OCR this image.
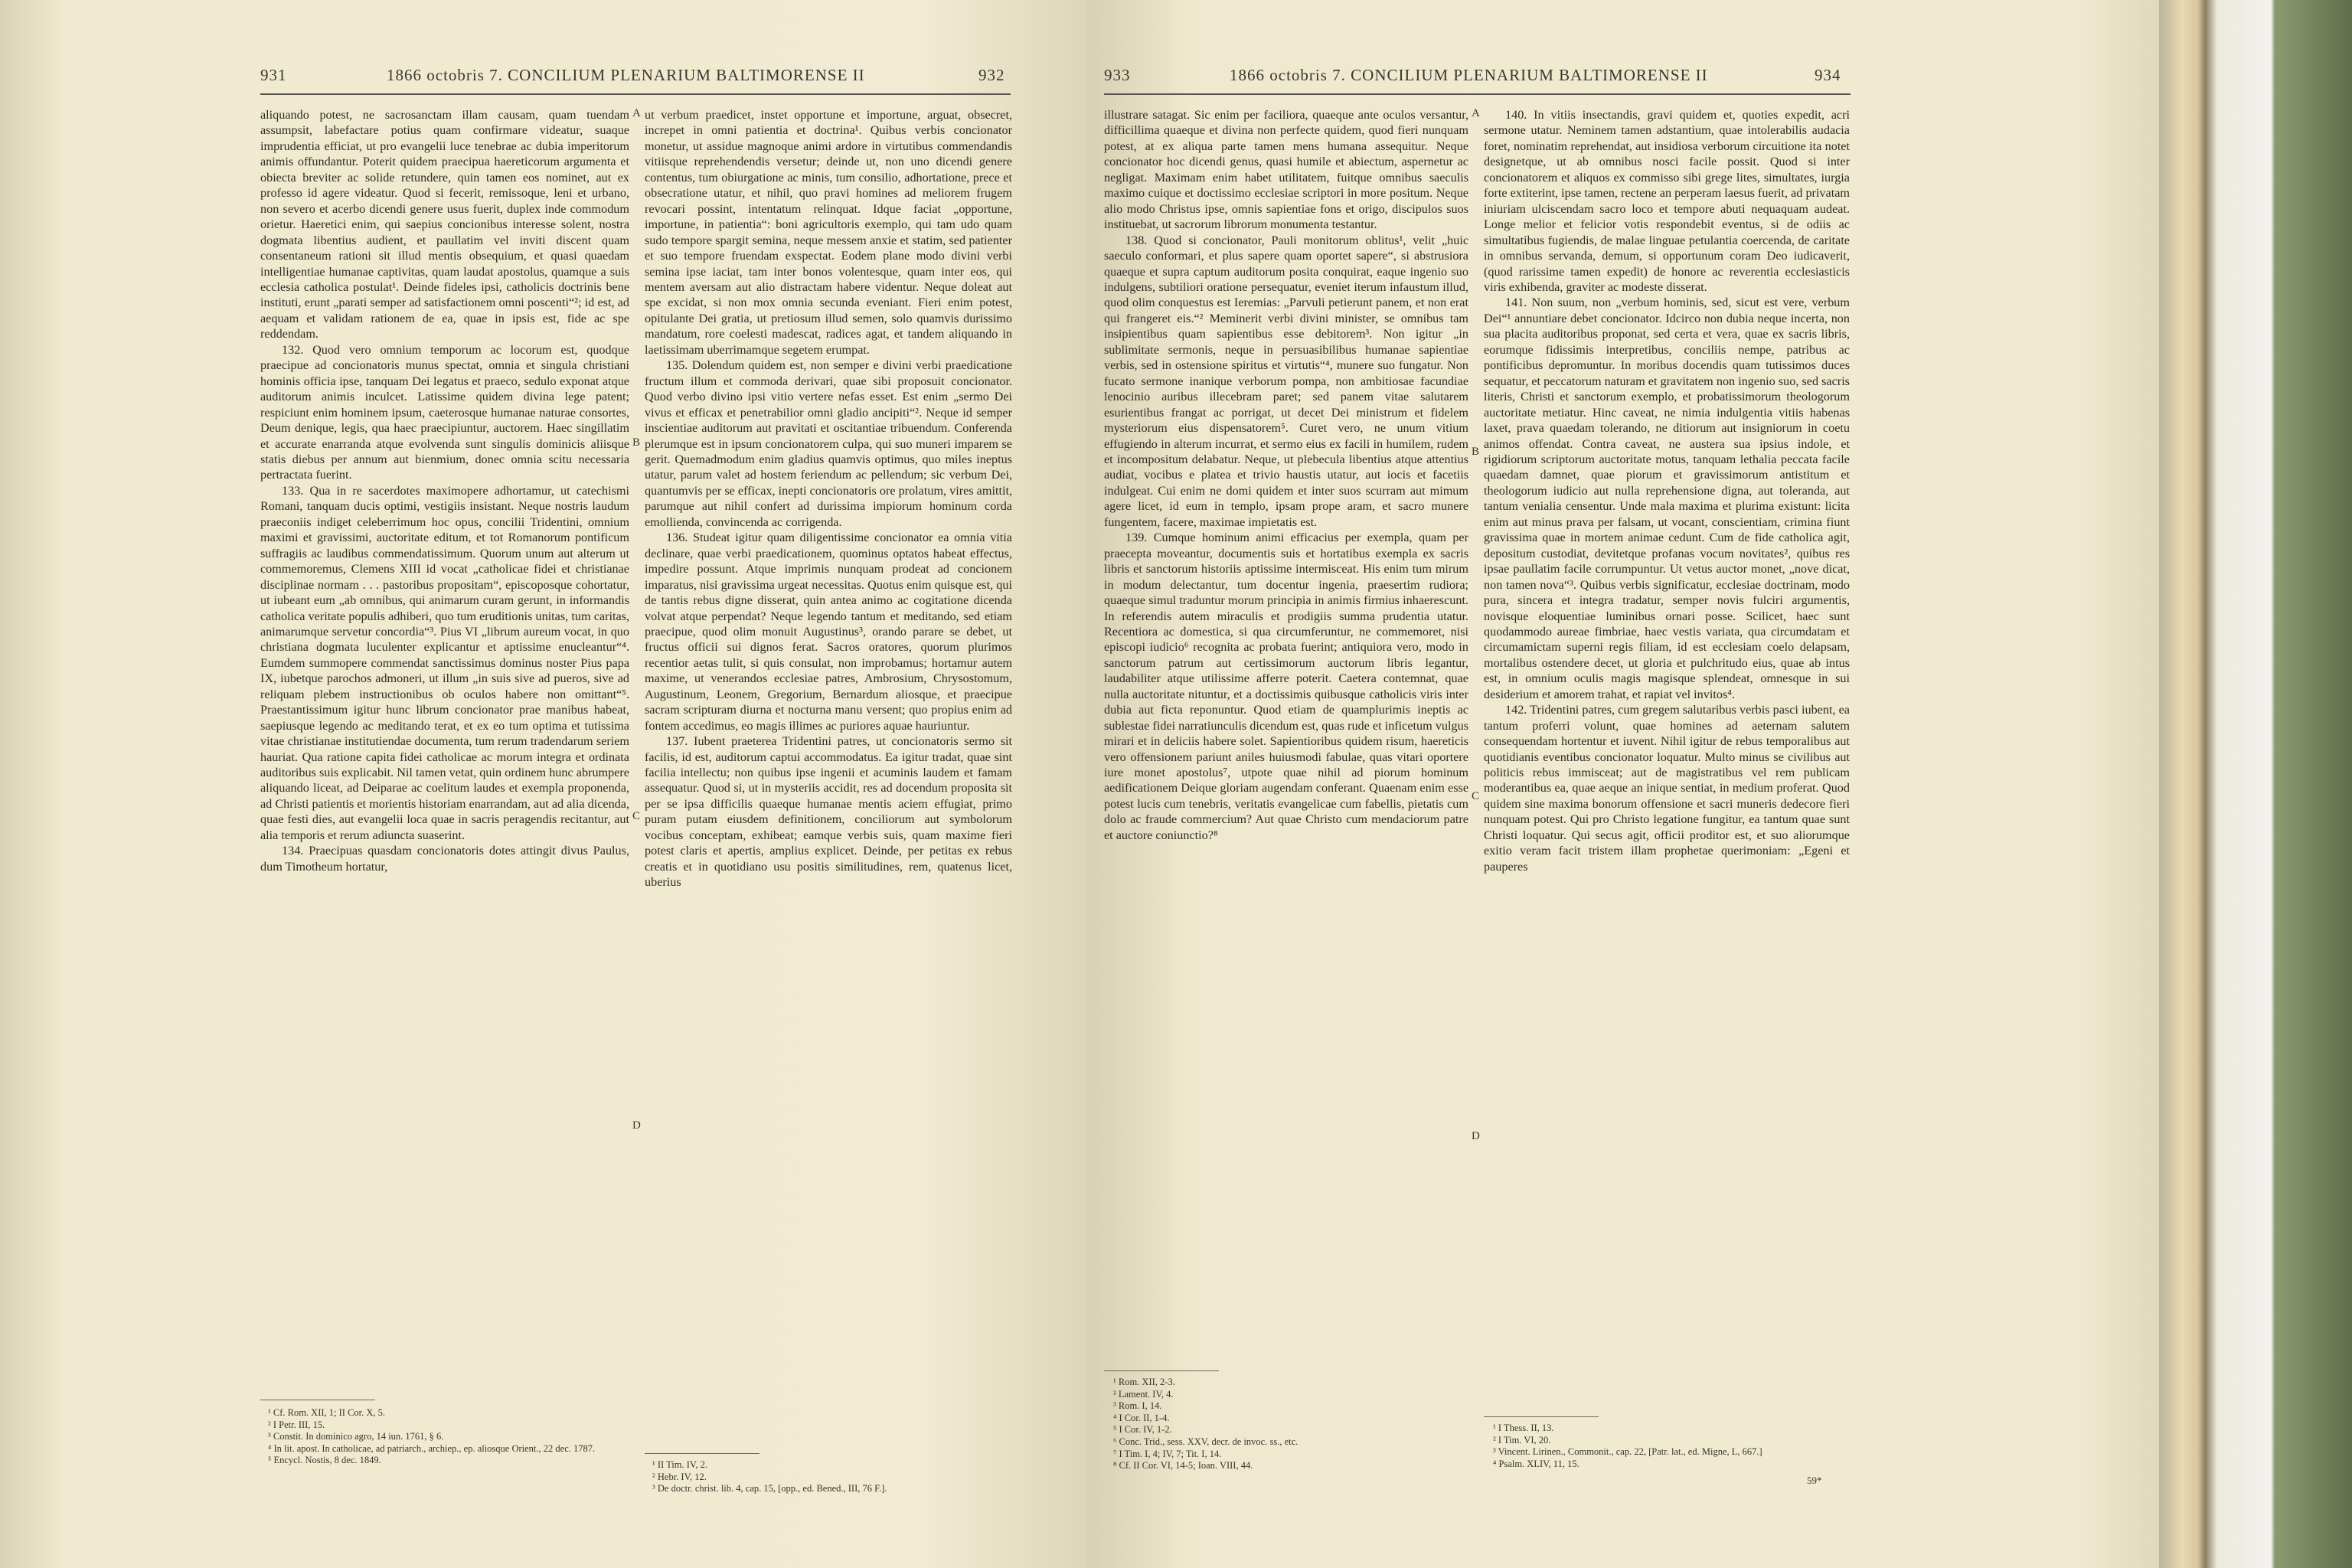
931	1866 octobris 7. CONCILIUM PLENARIUM BALTIMORENSE II	932

aliquando potest, ne sacrosanctam illam causam, quam tuendam assumpsit, labefactare potius quam confirmare videatur, suaque imprudentia efficiat, ut pro evangelii luce tenebrae ac dubia imperitorum animis offundantur. Poterit quidem praecipua haereticorum argumenta et obiecta breviter ac solide retundere, quin tamen eos nominet, aut ex professo id agere videatur. Quod si fecerit, remissoque, leni et urbano, non severo et acerbo dicendi genere usus fuerit, duplex inde commodum orietur. Haeretici enim, qui saepius concionibus interesse solent, nostra dogmata libentius audient, et paullatim vel inviti discent quam consentaneum rationi sit illud mentis obsequium, et quasi quaedam intelligentiae humanae captivitas, quam laudat apostolus, quamque a suis ecclesia catholica postulat¹. Deinde fideles ipsi, catholicis doctrinis bene instituti, erunt „parati semper ad satisfactionem omni poscenti“²; id est, ad aequam et validam rationem de ea, quae in ipsis est, fide ac spe reddendam.

132. Quod vero omnium temporum ac locorum est, quodque praecipue ad concionatoris munus spectat, omnia et singula christiani hominis officia ipse, tanquam Dei legatus et praeco, sedulo exponat atque auditorum animis inculcet. Latissime quidem divina lege patent; respiciunt enim hominem ipsum, caeterosque humanae naturae consortes, Deum denique, legis, qua haec praecipiuntur, auctorem. Haec singillatim et accurate enarranda atque evolvenda sunt singulis dominicis aliisque statis diebus per annum aut bienmium, donec omnia scitu necessaria pertractata fuerint.

133. Qua in re sacerdotes maximopere adhortamur, ut catechismi Romani, tanquam ducis optimi, vestigiis insistant. Neque nostris laudum praeconiis indiget celeberrimum hoc opus, concilii Tridentini, omnium maximi et gravissimi, auctoritate editum, et tot Romanorum pontificum suffragiis ac laudibus commendatissimum. Quorum unum aut alterum ut commemoremus, Clemens XIII id vocat „catholicae fidei et christianae disciplinae normam . . . pastoribus propositam“, episcoposque cohortatur, ut iubeant eum „ab omnibus, qui animarum curam gerunt, in informandis catholica veritate populis adhiberi, quo tum eruditionis unitas, tum caritas, animarumque servetur concordia“³. Pius VI „librum aureum vocat, in quo christiana dogmata luculenter explicantur et aptissime enucleantur“⁴. Eumdem summopere commendat sanctissimus dominus noster Pius papa IX, iubetque parochos admoneri, ut illum „in suis sive ad pueros, sive ad reliquam plebem instructionibus ob oculos habere non omittant“⁵. Praestantissimum igitur hunc librum concionator prae manibus habeat, saepiusque legendo ac meditando terat, et ex eo tum optima et tutissima vitae christianae institutiendae documenta, tum rerum tradendarum seriem hauriat. Qua ratione capita fidei catholicae ac morum integra et ordinata auditoribus suis explicabit. Nil tamen vetat, quin ordinem hunc abrumpere aliquando liceat, ad Deiparae ac coelitum laudes et exempla proponenda, ad Christi patientis et morientis historiam enarrandam, aut ad alia dicenda, quae festi dies, aut evangelii loca quae in sacris peragendis recitantur, aut alia temporis et rerum adiuncta suaserint.

134. Praecipuas quasdam concionatoris dotes attingit divus Paulus, dum Timotheum hortatur,

ut verbum praedicet, instet opportune et importune, arguat, obsecret, increpet in omni patientia et doctrina¹. Quibus verbis concionator monetur, ut assidue magnoque animi ardore in virtutibus commendandis vitiisque reprehendendis versetur; deinde ut, non uno dicendi genere contentus, tum obiurgatione ac minis, tum consilio, adhortatione, prece et obsecratione utatur, et nihil, quo pravi homines ad meliorem frugem revocari possint, intentatum relinquat. Idque faciat „opportune, importune, in patientia“: boni agricultoris exemplo, qui tam udo quam sudo tempore spargit semina, neque messem anxie et statim, sed patienter et suo tempore fruendam exspectat. Eodem plane modo divini verbi semina ipse iaciat, tam inter bonos volentesque, quam inter eos, qui mentem aversam aut alio distractam habere videntur. Neque doleat aut spe excidat, si non mox omnia secunda eveniant. Fieri enim potest, opitulante Dei gratia, ut pretiosum illud semen, solo quamvis durissimo mandatum, rore coelesti madescat, radices agat, et tandem aliquando in laetissimam uberrimamque segetem erumpat.

135. Dolendum quidem est, non semper e divini verbi praedicatione fructum illum et commoda derivari, quae sibi proposuit concionator. Quod verbo divino ipsi vitio vertere nefas esset. Est enim „sermo Dei vivus et efficax et penetrabilior omni gladio ancipiti“². Neque id semper inscientiae auditorum aut pravitati et oscitantiae tribuendum. Conferenda plerumque est in ipsum concionatorem culpa, qui suo muneri imparem se gerit. Quemadmodum enim gladius quamvis optimus, quo miles ineptus utatur, parum valet ad hostem feriendum ac pellendum; sic verbum Dei, quantumvis per se efficax, inepti concionatoris ore prolatum, vires amittit, parumque aut nihil confert ad durissima impiorum hominum corda emollienda, convincenda ac corrigenda.

136. Studeat igitur quam diligentissime concionator ea omnia vitia declinare, quae verbi praedicationem, quominus optatos habeat effectus, impedire possunt. Atque imprimis nunquam prodeat ad concionem imparatus, nisi gravissima urgeat necessitas. Quotus enim quisque est, qui de tantis rebus digne disserat, quin antea animo ac cogitatione dicenda volvat atque perpendat? Neque legendo tantum et meditando, sed etiam praecipue, quod olim monuit Augustinus³, orando parare se debet, ut fructus officii sui dignos ferat. Sacros oratores, quorum plurimos recentior aetas tulit, si quis consulat, non improbamus; hortamur autem maxime, ut venerandos ecclesiae patres, Ambrosium, Chrysostomum, Augustinum, Leonem, Gregorium, Bernardum aliosque, et praecipue sacram scripturam diurna et nocturna manu versent; quo propius enim ad fontem accedimus, eo magis illimes ac puriores aquae hauriuntur.

137. Iubent praeterea Tridentini patres, ut concionatoris sermo sit facilis, id est, auditorum captui accommodatus. Ea igitur tradat, quae sint facilia intellectu; non quibus ipse ingenii et acuminis laudem et famam assequatur. Quod si, ut in mysteriis accidit, res ad docendum proposita sit per se ipsa difficilis quaeque humanae mentis aciem effugiat, primo puram putam eiusdem definitionem, conciliorum aut symbolorum vocibus conceptam, exhibeat; eamque verbis suis, quam maxime fieri potest claris et apertis, amplius explicet. Deinde, per petitas ex rebus creatis et in quotidiano usu positis similitudines, rem, quatenus licet, uberius

A
B
C
D
¹ Cf. Rom. XII, 1; II Cor. X, 5.
² I Petr. III, 15.
³ Constit. In dominico agro, 14 iun. 1761, § 6.
⁴ In lit. apost. In catholicae, ad patriarch., archiep., ep. aliosque Orient., 22 dec. 1787.
⁵ Encycl. Nostis, 8 dec. 1849.	¹ II Tim. IV, 2.
² Hebr. IV, 12.
³ De doctr. christ. lib. 4, cap. 15, [opp., ed. Bened., III, 76 F.].
933	1866 octobris 7. CONCILIUM PLENARIUM BALTIMORENSE II	934

illustrare satagat. Sic enim per faciliora, quaeque ante oculos versantur, difficillima quaeque et divina non perfecte quidem, quod fieri nunquam potest, at ex aliqua parte tamen mens humana assequitur. Neque concionator hoc dicendi genus, quasi humile et abiectum, aspernetur ac negligat. Maximam enim habet utilitatem, fuitque omnibus saeculis maximo cuique et doctissimo ecclesiae scriptori in more positum. Neque alio modo Christus ipse, omnis sapientiae fons et origo, discipulos suos instituebat, ut sacrorum librorum monumenta testantur.

138. Quod si concionator, Pauli monitorum oblitus¹, velit „huic saeculo conformari, et plus sapere quam oportet sapere“, si abstrusiora quaeque et supra captum auditorum posita conquirat, eaque ingenio suo indulgens, subtiliori oratione persequatur, eveniet iterum infaustum illud, quod olim conquestus est Ieremias: „Parvuli petierunt panem, et non erat qui frangeret eis.“² Meminerit verbi divini minister, se omnibus tam insipientibus quam sapientibus esse debitorem³. Non igitur „in sublimitate sermonis, neque in persuasibilibus humanae sapientiae verbis, sed in ostensione spiritus et virtutis“⁴, munere suo fungatur. Non fucato sermone inanique verborum pompa, non ambitiosae facundiae lenocinio auribus illecebram paret; sed panem vitae salutarem esurientibus frangat ac porrigat, ut decet Dei ministrum et fidelem mysteriorum eius dispensatorem⁵. Curet vero, ne unum vitium effugiendo in alterum incurrat, et sermo eius ex facili in humilem, rudem et incompositum delabatur. Neque, ut plebecula libentius atque attentius audiat, vocibus e platea et trivio haustis utatur, aut iocis et facetiis indulgeat. Cui enim ne domi quidem et inter suos scurram aut mimum agere licet, id eum in templo, ipsam prope aram, et sacro munere fungentem, facere, maximae impietatis est.

139. Cumque hominum animi efficacius per exempla, quam per praecepta moveantur, documentis suis et hortatibus exempla ex sacris libris et sanctorum historiis aptissime intermisceat. His enim tum mirum in modum delectantur, tum docentur ingenia, praesertim rudiora; quaeque simul traduntur morum principia in animis firmius inhaerescunt. In referendis autem miraculis et prodigiis summa prudentia utatur. Recentiora ac domestica, si qua circumferuntur, ne commemoret, nisi episcopi iudicio⁶ recognita ac probata fuerint; antiquiora vero, modo in sanctorum patrum aut certissimorum auctorum libris legantur, laudabiliter atque utilissime afferre poterit. Caetera contemnat, quae nulla auctoritate nituntur, et a doctissimis quibusque catholicis viris inter dubia aut ficta reponuntur. Quod etiam de quamplurimis ineptis ac sublestae fidei narratiunculis dicendum est, quas rude et inficetum vulgus mirari et in deliciis habere solet. Sapientioribus quidem risum, haereticis vero offensionem pariunt aniles huiusmodi fabulae, quas vitari oportere iure monet apostolus⁷, utpote quae nihil ad piorum hominum aedificationem Deique gloriam augendam conferant. Quaenam enim esse potest lucis cum tenebris, veritatis evangelicae cum fabellis, pietatis cum dolo ac fraude commercium? Aut quae Christo cum mendaciorum patre et auctore coniunctio?⁸

140. In vitiis insectandis, gravi quidem et, quoties expedit, acri sermone utatur. Neminem tamen adstantium, quae intolerabilis audacia foret, nominatim reprehendat, aut insidiosa verborum circuitione ita notet designetque, ut ab omnibus nosci facile possit. Quod si inter concionatorem et aliquos ex commisso sibi grege lites, simultates, iurgia forte extiterint, ipse tamen, rectene an perperam laesus fuerit, ad privatam iniuriam ulciscendam sacro loco et tempore abuti nequaquam audeat. Longe melior et felicior votis respondebit eventus, si de odiis ac simultatibus fugiendis, de malae linguae petulantia coercenda, de caritate in omnibus servanda, demum, si opportunum coram Deo iudicaverit, (quod rarissime tamen expedit) de honore ac reverentia ecclesiasticis viris exhibenda, graviter ac modeste disserat.

141. Non suum, non „verbum hominis, sed, sicut est vere, verbum Dei“¹ annuntiare debet concionator. Idcirco non dubia neque incerta, non sua placita auditoribus proponat, sed certa et vera, quae ex sacris libris, eorumque fidissimis interpretibus, conciliis nempe, patribus ac pontificibus depromuntur. In moribus docendis quam tutissimos duces sequatur, et peccatorum naturam et gravitatem non ingenio suo, sed sacris literis, Christi et sanctorum exemplo, et probatissimorum theologorum auctoritate metiatur. Hinc caveat, ne nimia indulgentia vitiis habenas laxet, prava quaedam tolerando, ne ditiorum aut insigniorum in coetu animos offendat. Contra caveat, ne austera sua ipsius indole, et rigidiorum scriptorum auctoritate motus, tanquam lethalia peccata facile quaedam damnet, quae piorum et gravissimorum antistitum et theologorum iudicio aut nulla reprehensione digna, aut toleranda, aut tantum venialia censentur. Unde mala maxima et plurima existunt: licita enim aut minus prava per falsam, ut vocant, conscientiam, crimina fiunt gravissima quae in mortem animae cedunt. Cum de fide catholica agit, depositum custodiat, devitetque profanas vocum novitates², quibus res ipsae paullatim facile corrumpuntur. Ut vetus auctor monet, „nove dicat, non tamen nova“³. Quibus verbis significatur, ecclesiae doctrinam, modo pura, sincera et integra tradatur, semper novis fulciri argumentis, novisque eloquentiae luminibus ornari posse. Scilicet, haec sunt quodammodo aureae fimbriae, haec vestis variata, qua circumdatam et circumamictam superni regis filiam, id est ecclesiam coelo delapsam, mortalibus ostendere decet, ut gloria et pulchritudo eius, quae ab intus est, in omnium oculis magis magisque splendeat, omnesque in sui desiderium et amorem trahat, et rapiat vel invitos⁴.

142. Tridentini patres, cum gregem salutaribus verbis pasci iubent, ea tantum proferri volunt, quae homines ad aeternam salutem consequendam hortentur et iuvent. Nihil igitur de rebus temporalibus aut quotidianis eventibus concionator loquatur. Multo minus se civilibus aut politicis rebus immisceat; aut de magistratibus vel rem publicam moderantibus ea, quae aeque an inique sentiat, in medium proferat. Quod quidem sine maxima bonorum offensione et sacri muneris dedecore fieri nunquam potest. Qui pro Christo legatione fungitur, ea tantum quae sunt Christi loquatur. Qui secus agit, officii proditor est, et suo aliorumque exitio veram facit tristem illam prophetae querimoniam: „Egeni et pauperes

A
B
C
D
¹ Rom. XII, 2-3.
² Lament. IV, 4.
³ Rom. I, 14.
⁴ I Cor. II, 1-4.
⁵ I Cor. IV, 1-2.
⁶ Conc. Trid., sess. XXV, decr. de invoc. ss., etc.
⁷ I Tim. I, 4; IV, 7; Tit. I, 14.
⁸ Cf. II Cor. VI, 14-5; Ioan. VIII, 44.
¹ I Thess. II, 13.
² I Tim. VI, 20.
³ Vincent. Lirinen., Commonit., cap. 22, [Patr. lat., ed. Migne, L, 667.]
⁴ Psalm. XLIV, 11, 15.
59*
